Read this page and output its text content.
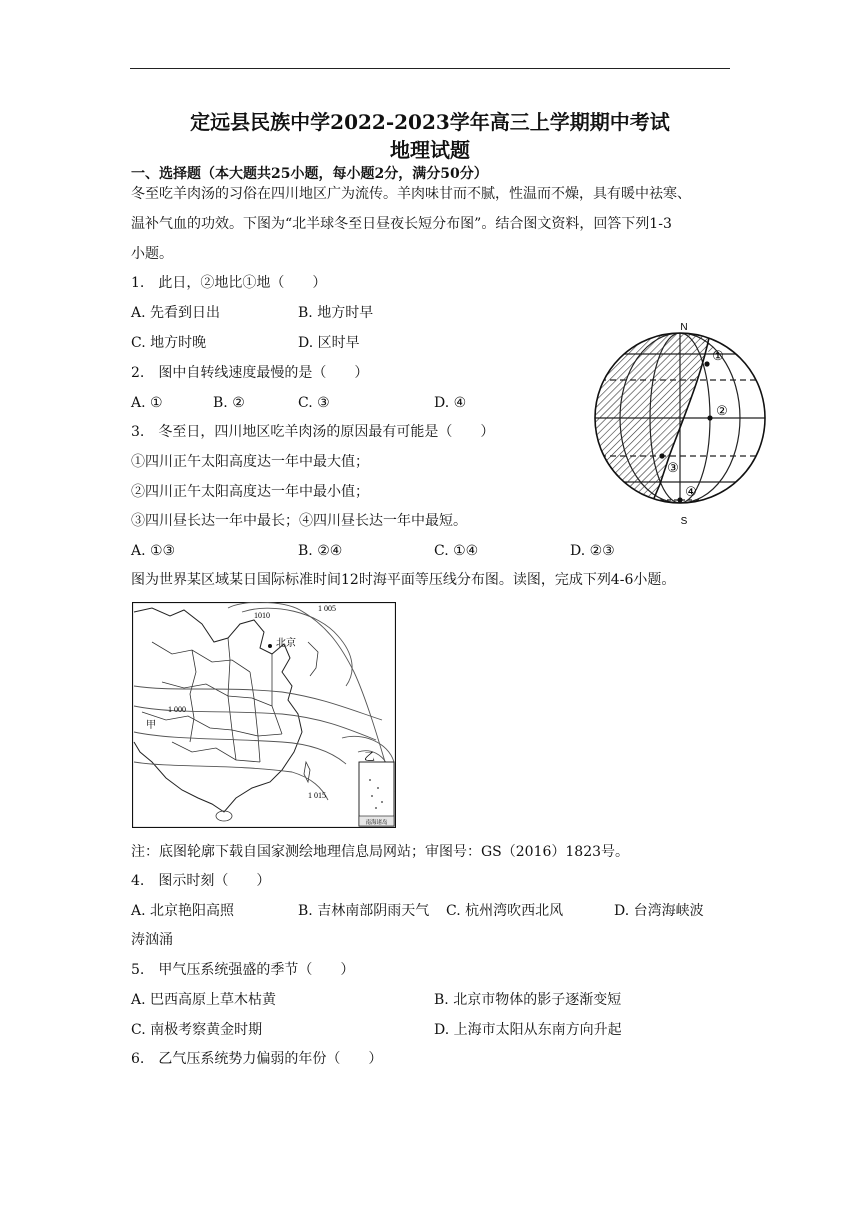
定远县民族中学2022-2023学年高三上学期期中考试
地理试题
一、选择题（本大题共25小题，每小题2分，满分50分）
冬至吃羊肉汤的习俗在四川地区广为流传。羊肉味甘而不腻，性温而不燥，具有暖中祛寒、
温补气血的功效。下图为“北半球冬至日昼夜长短分布图”。结合图文资料，回答下列1-3
小题。
1.　此日，②地比①地（　　）
A. 先看到日出	B. 地方时早
C. 地方时晚	D. 区时早
2.　图中自转线速度最慢的是（　　）
A. ①	B. ②	C. ③	D. ④
3.　冬至日，四川地区吃羊肉汤的原因最有可能是（　　）
①四川正午太阳高度达一年中最大值；
②四川正午太阳高度达一年中最小值；
③四川昼长达一年中最长；④四川昼长达一年中最短。
A. ①③	B. ②④	C. ①④	D. ②③
N
S
①
②
③
④
图为世界某区域某日国际标准时间12时海平面等压线分布图。读图，完成下列4-6小题。
1 005
1010
北京
1 000
甲
乙
1 015
南海诸岛
注：底图轮廓下载自国家测绘地理信息局网站；审图号：GS（2016）1823号。
4.　图示时刻（　　）
A. 北京艳阳高照	B. 吉林南部阴雨天气 C. 杭州湾吹西北风	D. 台湾海峡波
涛汹涌
5.　甲气压系统强盛的季节（　　）
A. 巴西高原上草木枯黄	B. 北京市物体的影子逐渐变短
C. 南极考察黄金时期	D. 上海市太阳从东南方向升起
6.　乙气压系统势力偏弱的年份（　　）
